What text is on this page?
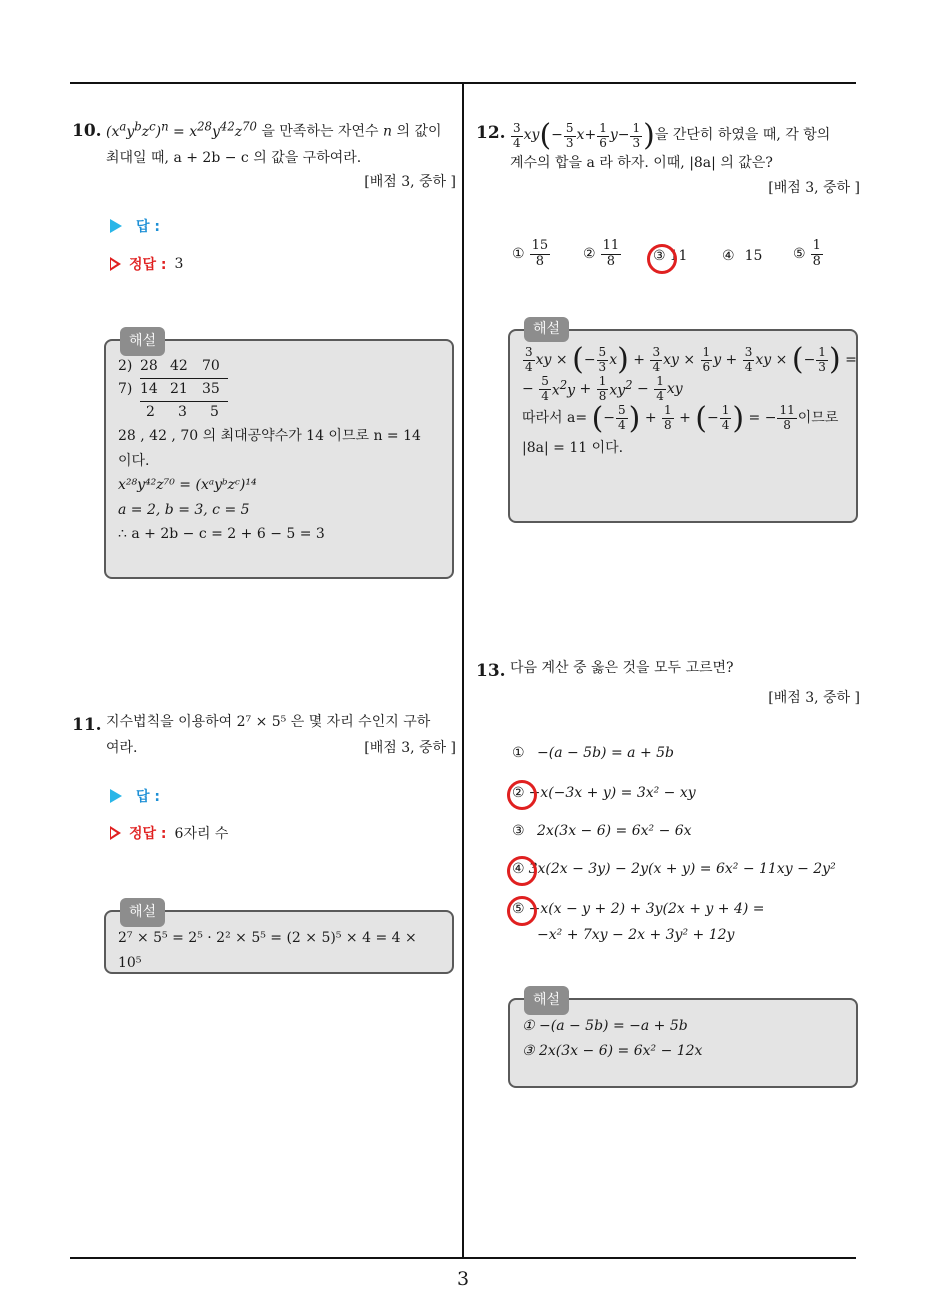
3
10. $(x^ay^bz^c)^n = x^{28}y^{42}z^{70}$ 을 만족하는 자연수 n 의 값이
최대일 때, a + 2b − c 의 값을 구하여라.
[배점 3, 중하 ]
답 :
정답 : 3
해설
2) 28 42	70
7) 14 21	35
2	3	5
28 , 42 , 70 의 최대공약수가 14 이므로 n = 14
이다.
x²⁸y⁴²z⁷⁰ = (xᵃyᵇzᶜ)¹⁴
a = 2, b = 3, c = 5
∴ a + 2b − c = 2 + 6 − 5 = 3
11. 지수법칙을 이용하여 2⁷ × 5⁵ 은 몇 자리 수인지 구하

여라.	[배점 3, 중하 ]
답 :
정답 : 6자리 수
해설
2⁷ × 5⁵ = 2⁵ · 2² × 5⁵ = (2 × 5)⁵ × 4 = 4 × 10⁵
12. $\frac{3}{4}$ xy ( − $\frac{5}{3}$ $x + \frac{1}{6}$ $y - \frac{1}{3}$ ) 을 간단히 하였을 때, 각 항의

계수의 합을 a 라 하자. 이때, |8a| 의 값은?
[배점 3, 중하 ]
① $\frac{15}{8}$ ② $\frac{11}{8}$ ③ 11 ④ 15 ⑤ $\frac{1}{8}$
해설
$\frac{3}{4}$ xy × ( − $\frac{5}{3}$ x ) + $\frac{3}{4}$ xy × $\frac{1}{6}$ $y + \frac{3}{4}$ xy × ( − $\frac{1}{3}$ ) =
− $\frac{5}{4} x^2y + \frac{1}{8} xy^2 - \frac{1}{4}$ xy
따라서 a=
( − $\frac{5}{4}$ ) + $\frac{1}{8}$ + ( − $\frac{1}{4}$ ) = − $\frac{11}{8}$ 이므로
|8a| = 11 이다.
13. 다음 계산 중 옳은 것을 모두 고르면?
[배점 3, 중하 ]
①
−(a − 5b) = a + 5b
② −x(−3x + y) = 3x² − xy
③
2x(3x − 6) = 6x² − 6x
④ 3x(2x − 3y) − 2y(x + y) = 6x² − 11xy − 2y²
⑤ −x(x − y + 2) + 3y(2x + y + 4) =
−x² + 7xy − 2x + 3y² + 12y
해설
① −(a − 5b) = −a + 5b
③ 2x(3x − 6) = 6x² − 12x
